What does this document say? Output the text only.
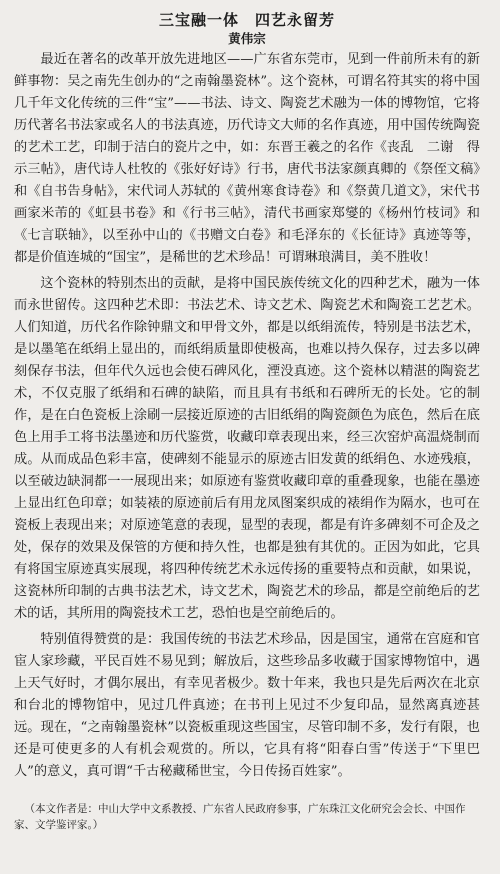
三宝融一体　四艺永留芳
黄伟宗

最近在著名的改革开放先进地区——广东省东莞市，见到一件前所未有的新鲜事物：吴之南先生创办的“之南翰墨瓷林”。这个瓷林，可谓名符其实的将中国几千年文化传统的三件“宝”——书法、诗文、陶瓷艺术融为一体的博物馆，它将历代著名书法家或名人的书法真迹，历代诗文大师的名作真迹，用中国传统陶瓷的艺术工艺，印制于洁白的瓷片之中，如：东晋王羲之的名作《丧乱　二谢　得示三帖》，唐代诗人杜牧的《张好好诗》行书，唐代书法家颜真卿的《祭侄文稿》和《自书告身帖》，宋代词人苏轼的《黄州寒食诗卷》和《祭黄几道文》，宋代书画家米芾的《虹县书卷》和《行书三帖》，清代书画家郑燮的《杨州竹枝词》和《七言联轴》，以至孙中山的《书赠文白卷》和毛泽东的《长征诗》真迹等等，都是价值连城的“国宝”，是稀世的艺术珍品！可谓琳琅满目，美不胜收！

这个瓷林的特别杰出的贡献，是将中国民族传统文化的四种艺术，融为一体而永世留传。这四种艺术即：书法艺术、诗文艺术、陶瓷艺术和陶瓷工艺艺术。人们知道，历代名作除钟鼎文和甲骨文外，都是以纸绢流传，特别是书法艺术，是以墨笔在纸绢上显出的，而纸绢质量即使极高，也难以持久保存，过去多以碑刻保存书法，但年代久远也会使石碑风化，湮没真迹。这个瓷林以精湛的陶瓷艺术，不仅克服了纸绢和石碑的缺陷，而且具有书纸和石碑所无的长处。它的制作，是在白色瓷板上涂刷一层接近原迹的古旧纸绢的陶瓷颜色为底色，然后在底色上用手工将书法墨迹和历代鉴赏，收藏印章表现出来，经三次窑炉高温烧制而成。从而成品色彩丰富，使碑刻不能显示的原迹古旧发黄的纸绢色、水迹残痕，以至破边缺洞都一一展现出来；如原迹有鉴赏收藏印章的重叠现象，也能在墨迹上显出红色印章；如装裱的原迹前后有用龙凤图案织成的裱绢作为隔水，也可在瓷板上表现出来；对原迹笔意的表现，显型的表现，都是有许多碑刻不可企及之处，保存的效果及保管的方便和持久性，也都是独有其优的。正因为如此，它具有将国宝原迹真实展现，将四种传统艺术永远传扬的重要特点和贡献，如果说，这瓷林所印制的古典书法艺术，诗文艺术，陶瓷艺术的珍品，都是空前绝后的艺术的话，其所用的陶瓷技术工艺，恐怕也是空前绝后的。

特别值得赞赏的是：我国传统的书法艺术珍品，因是国宝，通常在宫庭和官宦人家珍藏，平民百姓不易见到；解放后，这些珍品多收藏于国家博物馆中，遇上天气好时，才偶尔展出，有幸见者极少。数十年来，我也只是先后两次在北京和台北的博物馆中，见过几件真迹；在书刊上见过不少复印品，显然离真迹甚远。现在，“之南翰墨瓷林”以瓷板重现这些国宝，尽管印制不多，发行有限，也还是可使更多的人有机会观赏的。所以，它具有将“阳春白雪”传送于“下里巴人”的意义，真可谓“千古秘藏稀世宝，今日传扬百姓家”。

（本文作者是：中山大学中文系教授、广东省人民政府参事，广东珠江文化研究会会长、中国作家、文学鉴评家。）
